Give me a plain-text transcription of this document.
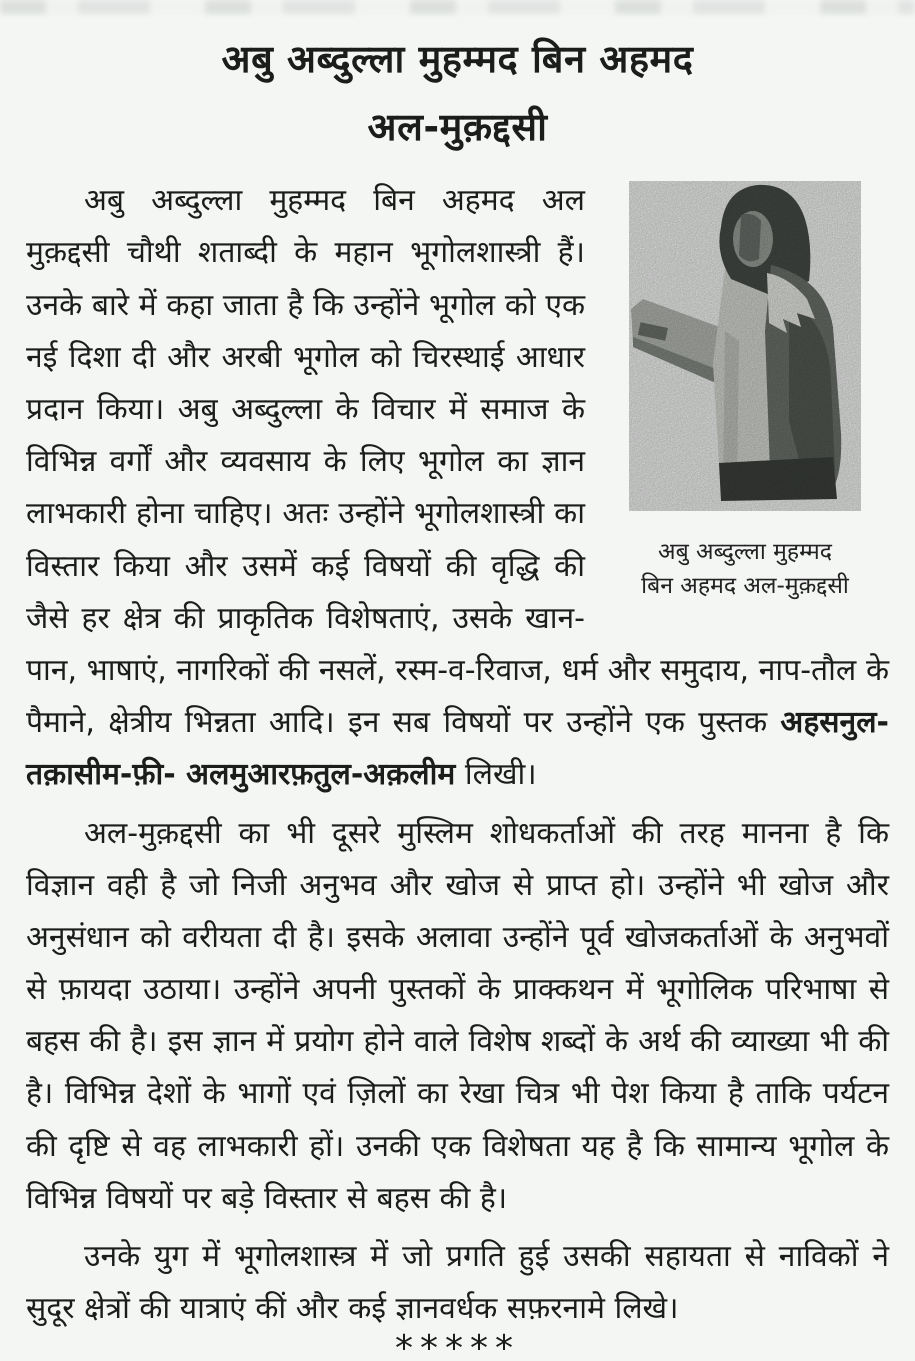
अबु अब्दुल्ला मुहम्मद बिन अहमद
अल-मुक़द्दसी
अबु अब्दुल्ला मुहम्मद
बिन अहमद अल-मुक़द्दसी

अबु अब्दुल्ला मुहम्मद बिन अहमद अल मुक़द्दसी चौथी शताब्दी के महान भूगोलशास्त्री हैं। उनके बारे में कहा जाता है कि उन्होंने भूगोल को एक नई दिशा दी और अरबी भूगोल को चिरस्थाई आधार प्रदान किया। अबु अब्दुल्ला के विचार में समाज के विभिन्न वर्गों और व्यवसाय के लिए भूगोल का ज्ञान लाभकारी होना चाहिए। अतः उन्होंने भूगोलशास्त्री का विस्तार किया और उसमें कई विषयों की वृद्धि की जैसे हर क्षेत्र की प्राकृतिक विशेषताएं, उसके खान-पान, भाषाएं, नागरिकों की नसलें, रस्म-व-रिवाज, धर्म और समुदाय, नाप-तौल के पैमाने, क्षेत्रीय भिन्नता आदि। इन सब विषयों पर उन्होंने एक पुस्तक अहसनुल-तक़ासीम-फ़ी- अलमुआरफ़तुल-अक़लीम लिखी।

अल-मुक़द्दसी का भी दूसरे मुस्लिम शोधकर्ताओं की तरह मानना है कि विज्ञान वही है जो निजी अनुभव और खोज से प्राप्त हो। उन्होंने भी खोज और अनुसंधान को वरीयता दी है। इसके अलावा उन्होंने पूर्व खोजकर्ताओं के अनुभवों से फ़ायदा उठाया। उन्होंने अपनी पुस्तकों के प्राक्कथन में भूगोलिक परिभाषा से बहस की है। इस ज्ञान में प्रयोग होने वाले विशेष शब्दों के अर्थ की व्याख्या भी की है। विभिन्न देशों के भागों एवं ज़िलों का रेखा चित्र भी पेश किया है ताकि पर्यटन की दृष्टि से वह लाभकारी हों। उनकी एक विशेषता यह है कि सामान्य भूगोल के विभिन्न विषयों पर बड़े विस्तार से बहस की है।

उनके युग में भूगोलशास्त्र में जो प्रगति हुई उसकी सहायता से नाविकों ने सुदूर क्षेत्रों की यात्राएं कीं और कई ज्ञानवर्धक सफ़रनामे लिखे।

*****
